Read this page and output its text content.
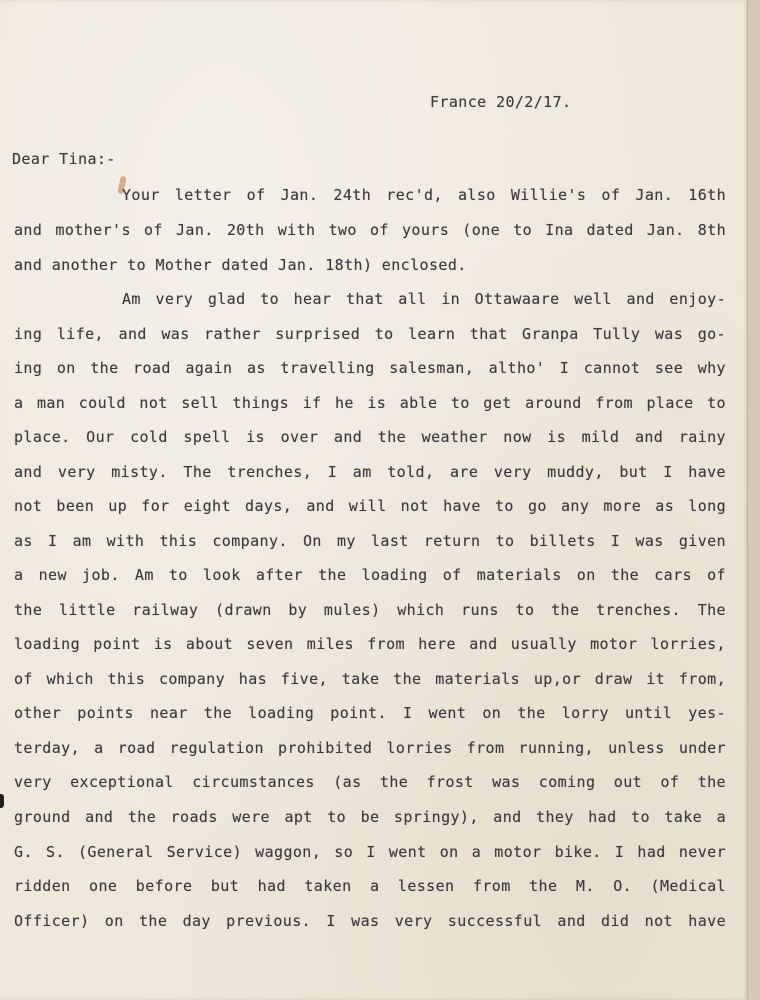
France 20/2/17.
Dear Tina:-
Your letter of Jan. 24th rec'd, also Willie's of Jan. 16th
and mother's of Jan. 20th with two of yours (one to Ina dated Jan. 8th
and another to Mother dated Jan. 18th) enclosed.
Am very glad to hear that all in Ottawaare well and enjoy-
ing life, and was rather surprised to learn that Granpa Tully was go-
ing on the road again as travelling salesman, altho' I cannot see why
a man could not sell things if he is able to get around from place to
place. Our cold spell is over and the weather now is mild and rainy
and very misty. The trenches, I am told, are very muddy, but I have
not been up for eight days, and will not have to go any more as long
as I am with this company. On my last return to billets I was given
a new job. Am to look after the loading of materials on the cars of
the little railway (drawn by mules) which runs to the trenches. The
loading point is about seven miles from here and usually motor lorries,
of which this company has five, take the materials up,or draw it from,
other points near the loading point. I went on the lorry until yes-
terday, a road regulation prohibited lorries from running, unless under
very exceptional circumstances (as the frost was coming out of the
ground and the roads were apt to be springy), and they had to take a
G. S. (General Service) waggon, so I went on a motor bike. I had never
ridden one before but had taken a lessen from the M. O. (Medical
Officer) on the day previous. I was very successful and did not have
